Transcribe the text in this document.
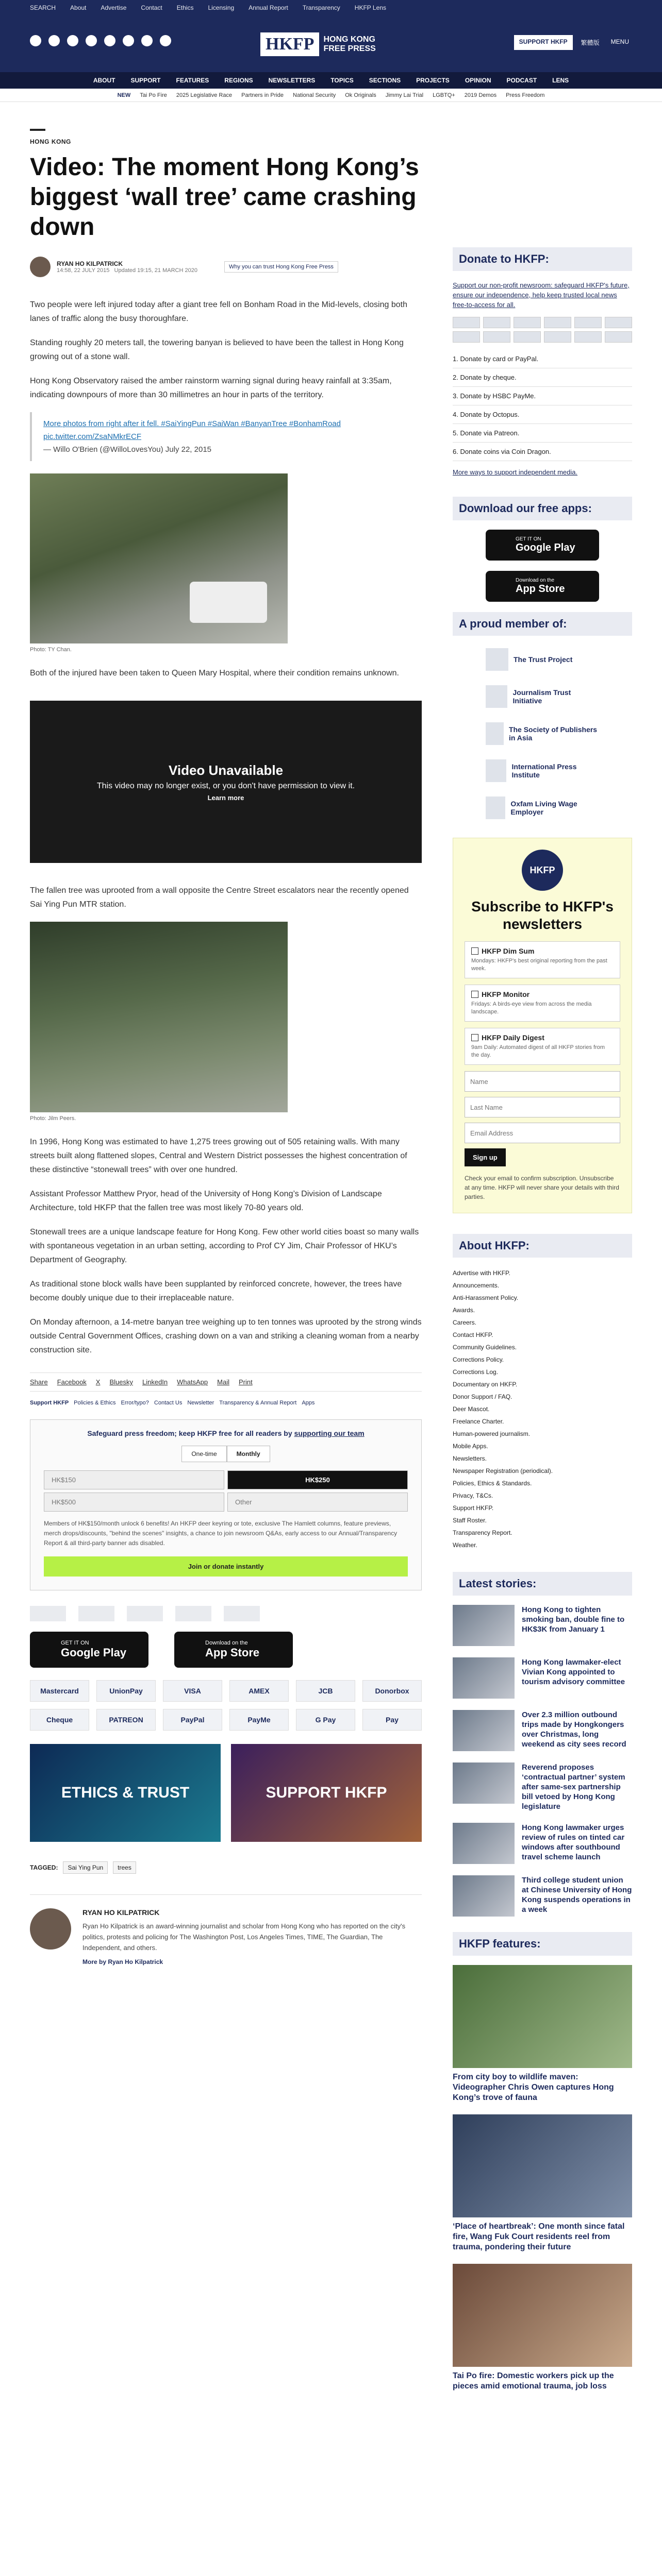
SEARCH About Advertise Contact Ethics Licensing Annual Report Transparency HKFP Lens
HKFP	HONG KONG
FREE PRESS
SUPPORT HKFP	繁體版	MENU
ABOUT	SUPPORT	FEATURES	REGIONS	NEWSLETTERS	TOPICS	SECTIONS	PROJECTS	OPINION	PODCAST	LENS
NEW Tai Po Fire 2025 Legislative Race Partners in Pride National Security Ok Originals Jimmy Lai Trial LGBTQ+ 2019 Demos Press Freedom
HONG KONG
Video: The moment Hong Kong’s biggest ‘wall tree’ came crashing down
RYAN HO KILPATRICK
14:58, 22 JULY 2015 Updated 19:15, 21 MARCH 2020
Why you can trust Hong Kong Free Press

Two people were left injured today after a giant tree fell on Bonham Road in the Mid-levels, closing both lanes of traffic along the busy thoroughfare.

Standing roughly 20 meters tall, the towering banyan is believed to have been the tallest in Hong Kong growing out of a stone wall.

Hong Kong Observatory raised the amber rainstorm warning signal during heavy rainfall at 3:35am, indicating downpours of more than 30 millimetres an hour in parts of the territory.

More photos from right after it fell. #SaiYingPun #SaiWan #BanyanTree #BonhamRoad pic.twitter.com/ZsaNMkrECF
— Willo O'Brien (@WilloLovesYou) July 22, 2015
Photo: TY Chan.

Both of the injured have been taken to Queen Mary Hospital, where their condition remains unknown.

Video Unavailable
This video may no longer exist, or you don't have permission to view it.
Learn more

The fallen tree was uprooted from a wall opposite the Centre Street escalators near the recently opened Sai Ying Pun MTR station.

Photo: Jilm Peers.

In 1996, Hong Kong was estimated to have 1,275 trees growing out of 505 retaining walls. With many streets built along flattened slopes, Central and Western District possesses the highest concentration of these distinctive “stonewall trees” with over one hundred.

Assistant Professor Matthew Pryor, head of the University of Hong Kong’s Division of Landscape Architecture, told HKFP that the fallen tree was most likely 70-80 years old.

Stonewall trees are a unique landscape feature for Hong Kong. Few other world cities boast so many walls with spontaneous vegetation in an urban setting, according to Prof CY Jim, Chair Professor of HKU’s Department of Geography.

As traditional stone block walls have been supplanted by reinforced concrete, however, the trees have become doubly unique due to their irreplaceable nature.

On Monday afternoon, a 14-metre banyan tree weighing up to ten tonnes was uprooted by the strong winds outside Central Government Offices, crashing down on a van and striking a cleaning woman from a nearby construction site.

Share Facebook X Bluesky LinkedIn WhatsApp Mail Print
Support HKFP Policies & Ethics Error/typo? Contact Us Newsletter Transparency & Annual Report Apps
Safeguard press freedom; keep HKFP free for all readers by supporting our team
One-time	Monthly
HK$150	HK$250
HK$500	Other
Members of HK$150/month unlock 6 benefits! An HKFP deer keyring or tote, exclusive The Hamlett columns, feature previews, merch drops/discounts, "behind the scenes" insights, a chance to join newsroom Q&As, early access to our Annual/Transparency Report & all third-party banner ads disabled.
Join or donate instantly
GET IT ON
Google Play
Download on the
App Store
Mastercard	UnionPay	VISA	AMEX	JCB	Donorbox
Cheque	PATREON	PayPal	PayMe	G Pay	Pay
ETHICS & TRUST	SUPPORT HKFP
TAGGED:	Sai Ying Pun	trees
RYAN HO KILPATRICK
Ryan Ho Kilpatrick is an award-winning journalist and scholar from Hong Kong who has reported on the city's politics, protests and policing for The Washington Post, Los Angeles Times, TIME, The Guardian, The Independent, and others.
More by Ryan Ho Kilpatrick
Donate to HKFP:
Support our non-profit newsroom: safeguard HKFP's future, ensure our independence, help keep trusted local news free-to-access for all.
1. Donate by card or PayPal.
2. Donate by cheque.
3. Donate by HSBC PayMe.
4. Donate by Octopus.
5. Donate via Patreon.
6. Donate coins via Coin Dragon.
More ways to support independent media.
Download our free apps:
GET IT ON
Google Play
Download on the
App Store
A proud member of:
The Trust Project
Journalism Trust Initiative
The Society of Publishers in Asia
International Press Institute
Oxfam Living Wage Employer
HKFP
Subscribe to HKFP's newsletters
HKFP Dim Sum
Mondays: HKFP's best original reporting from the past week.
HKFP Monitor
Fridays: A birds-eye view from across the media landscape.
HKFP Daily Digest
9am Daily: Automated digest of all HKFP stories from the day.
Name Last Name Email Address Sign up
Check your email to confirm subscription. Unsubscribe at any time. HKFP will never share your details with third parties.
About HKFP:
Advertise with HKFP.
Announcements.
Anti-Harassment Policy.
Awards.
Careers.
Contact HKFP.
Community Guidelines.
Corrections Policy.
Corrections Log.
Documentary on HKFP.
Donor Support / FAQ.
Deer Mascot.
Freelance Charter.
Human-powered journalism.
Mobile Apps.
Newsletters.
Newspaper Registration (periodical).
Policies, Ethics & Standards.
Privacy, T&Cs.
Support HKFP.
Staff Roster.
Transparency Report.
Weather.
Latest stories:
Hong Kong to tighten smoking ban, double fine to HK$3K from January 1
Hong Kong lawmaker-elect Vivian Kong appointed to tourism advisory committee
Over 2.3 million outbound trips made by Hongkongers over Christmas, long weekend as city sees record
Reverend proposes ‘contractual partner’ system after same-sex partnership bill vetoed by Hong Kong legislature
Hong Kong lawmaker urges review of rules on tinted car windows after southbound travel scheme launch
Third college student union at Chinese University of Hong Kong suspends operations in a week
HKFP features:
From city boy to wildlife maven: Videographer Chris Owen captures Hong Kong’s trove of fauna
‘Place of heartbreak’: One month since fatal fire, Wang Fuk Court residents reel from trauma, pondering their future
Tai Po fire: Domestic workers pick up the pieces amid emotional trauma, job loss
